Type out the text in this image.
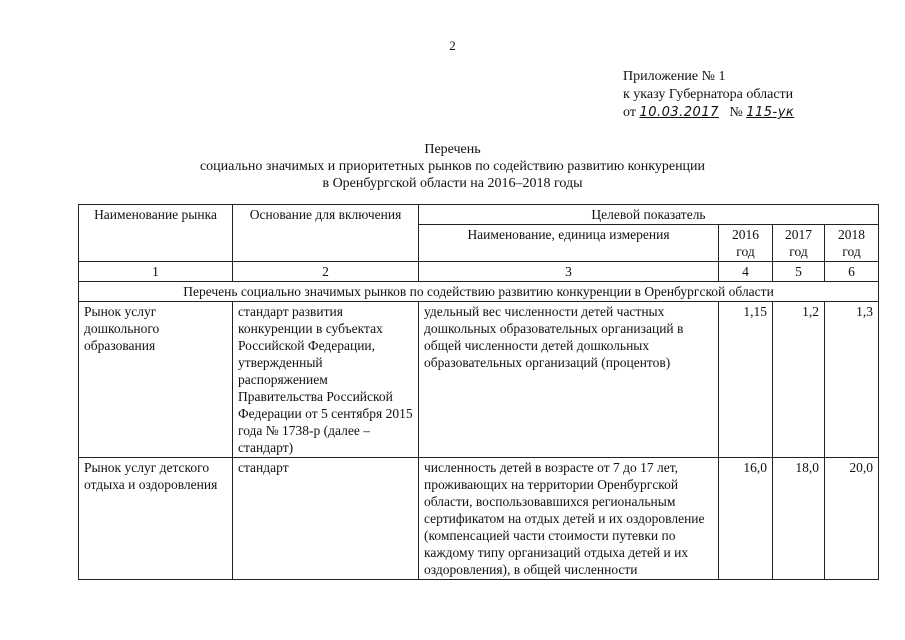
2
Приложение № 1
к указу Губернатора области
от 10.03.2017 № 115-ук
Перечень
социально значимых и приоритетных рынков по содействию развитию конкуренции
в Оренбургской области на 2016–2018 годы
Наименование рынка	Основание для включения	Целевой показатель			
		Наименование, единица измерения	2016 год	2017 год	2018 год
1	2	3	4	5	6
Перечень социально значимых рынков по содействию развитию конкуренции в Оренбургской области					
Рынок услуг дошкольного образования	стандарт развития конкуренции в субъектах Российской Федерации, утвержденный распоряжением Правительства Российской Федерации от 5 сентября 2015 года № 1738-р (далее – стандарт)	удельный вес численности детей частных дошкольных образовательных организаций в общей численности детей дошкольных образовательных организаций (процентов)	1,15	1,2	1,3
Рынок услуг детского отдыха и оздоровления	стандарт	численность детей в возрасте от 7 до 17 лет, проживающих на территории Оренбургской области, воспользовавшихся региональным сертификатом на отдых детей и их оздоровление (компенсацией части стоимости путевки по каждому типу организаций отдыха детей и их оздоровления), в общей численности	16,0	18,0	20,0
